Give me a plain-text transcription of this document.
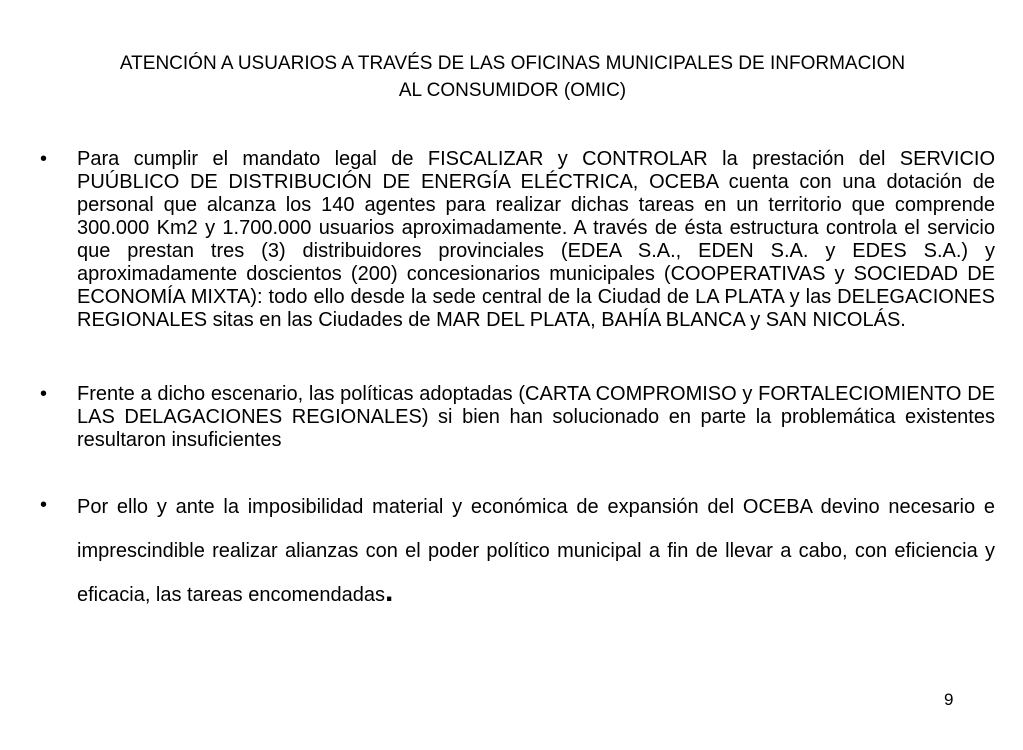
ATENCIÓN A USUARIOS A TRAVÉS DE LAS OFICINAS MUNICIPALES DE INFORMACION
AL CONSUMIDOR (OMIC)
•	Para cumplir el mandato legal de FISCALIZAR y CONTROLAR la prestación del SERVICIO PUÚBLICO DE DISTRIBUCIÓN DE ENERGÍA ELÉCTRICA, OCEBA cuenta con una dotación de personal que alcanza los 140 agentes para realizar dichas tareas en un territorio que comprende 300.000 Km2 y 1.700.000 usuarios aproximadamente. A través de ésta estructura controla el servicio que prestan tres (3) distribuidores provinciales (EDEA S.A., EDEN S.A. y EDES S.A.) y aproximadamente doscientos (200) concesionarios municipales (COOPERATIVAS y SOCIEDAD DE ECONOMÍA MIXTA): todo ello desde la sede central de la Ciudad de LA PLATA y las DELEGACIONES REGIONALES sitas en las Ciudades de MAR DEL PLATA, BAHÍA BLANCA y SAN NICOLÁS.
•	Frente a dicho escenario, las políticas adoptadas (CARTA COMPROMISO y FORTALECIOMIENTO DE LAS DELAGACIONES REGIONALES) si bien han solucionado en parte la problemática existentes resultaron insuficientes
•	Por ello y ante la imposibilidad material y económica de expansión del OCEBA devino necesario e imprescindible realizar alianzas con el poder político municipal a fin de llevar a cabo, con eficiencia y eficacia, las tareas encomendadas.
9
